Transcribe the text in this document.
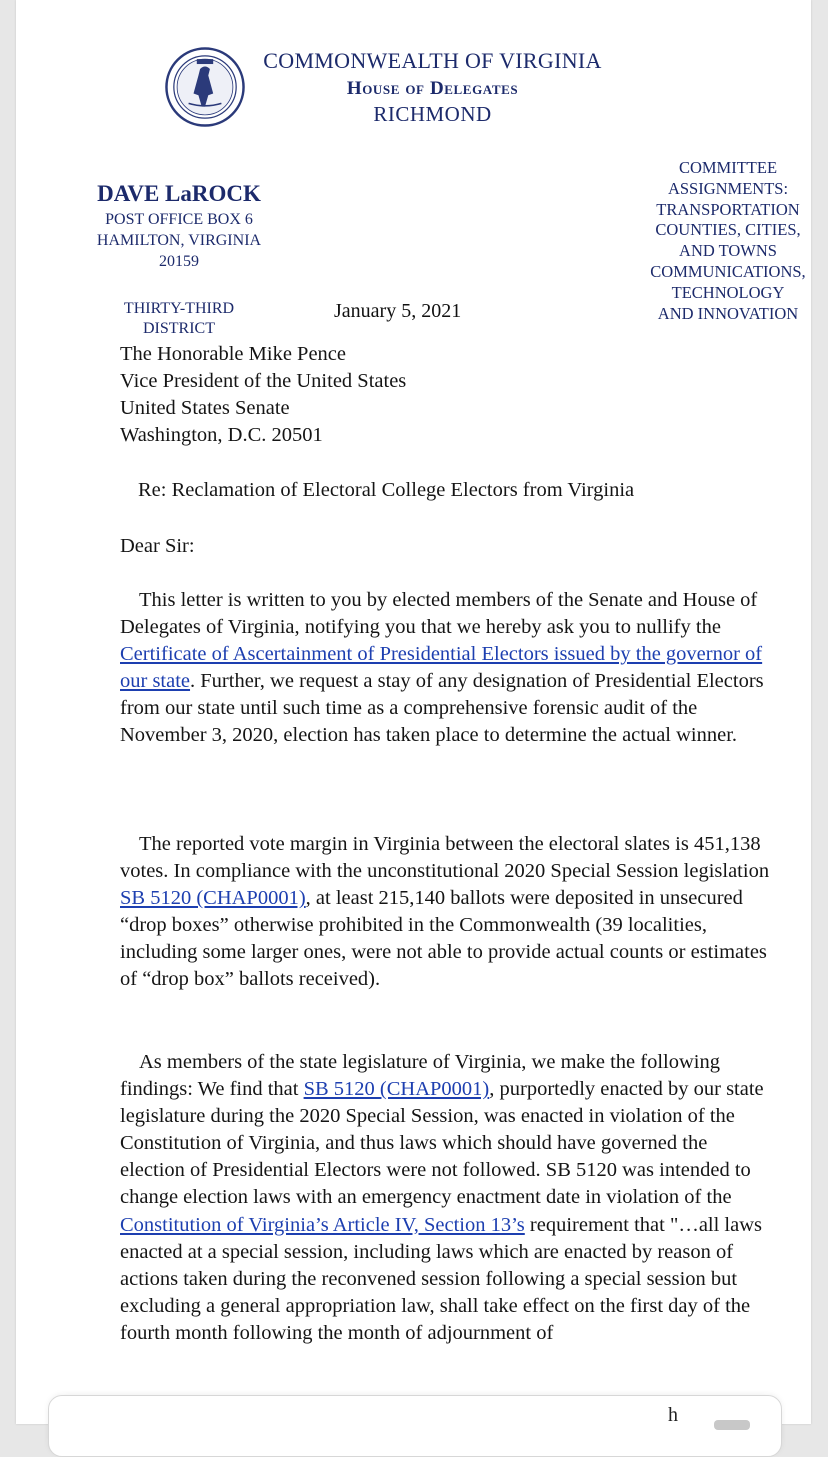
COMMONWEALTH OF VIRGINIA
House of Delegates
RICHMOND
DAVE LaROCK
POST OFFICE BOX 6
HAMILTON, VIRGINIA
20159
COMMITTEE
ASSIGNMENTS:
TRANSPORTATION
COUNTIES, CITIES,
AND TOWNS
COMMUNICATIONS,
TECHNOLOGY
AND INNOVATION
THIRTY-THIRD
DISTRICT
January 5, 2021
The Honorable Mike Pence
Vice President of the United States
United States Senate
Washington, D.C. 20501
Re: Reclamation of Electoral College Electors from Virginia
Dear Sir:

This letter is written to you by elected members of the Senate and House of Delegates of Virginia, notifying you that we hereby ask you to nullify the Certificate of Ascertainment of Presidential Electors issued by the governor of our state. Further, we request a stay of any designation of Presidential Electors from our state until such time as a comprehensive forensic audit of the November 3, 2020, election has taken place to determine the actual winner.

The reported vote margin in Virginia between the electoral slates is 451,138 votes. In compliance with the unconstitutional 2020 Special Session legislation SB 5120 (CHAP0001), at least 215,140 ballots were deposited in unsecured “drop boxes” otherwise prohibited in the Commonwealth (39 localities, including some larger ones, were not able to provide actual counts or estimates of “drop box” ballots received).

As members of the state legislature of Virginia, we make the following findings: We find that SB 5120 (CHAP0001), purportedly enacted by our state legislature during the 2020 Special Session, was enacted in violation of the Constitution of Virginia, and thus laws which should have governed the election of Presidential Electors were not followed. SB 5120 was intended to change election laws with an emergency enactment date in violation of the Constitution of Virginia’s Article IV, Section 13’s requirement that "…all laws enacted at a special session, including laws which are enacted by reason of actions taken during the reconvened session following a special session but excluding a general appropriation law, shall take effect on the first day of the fourth month following the month of adjournment of

h
